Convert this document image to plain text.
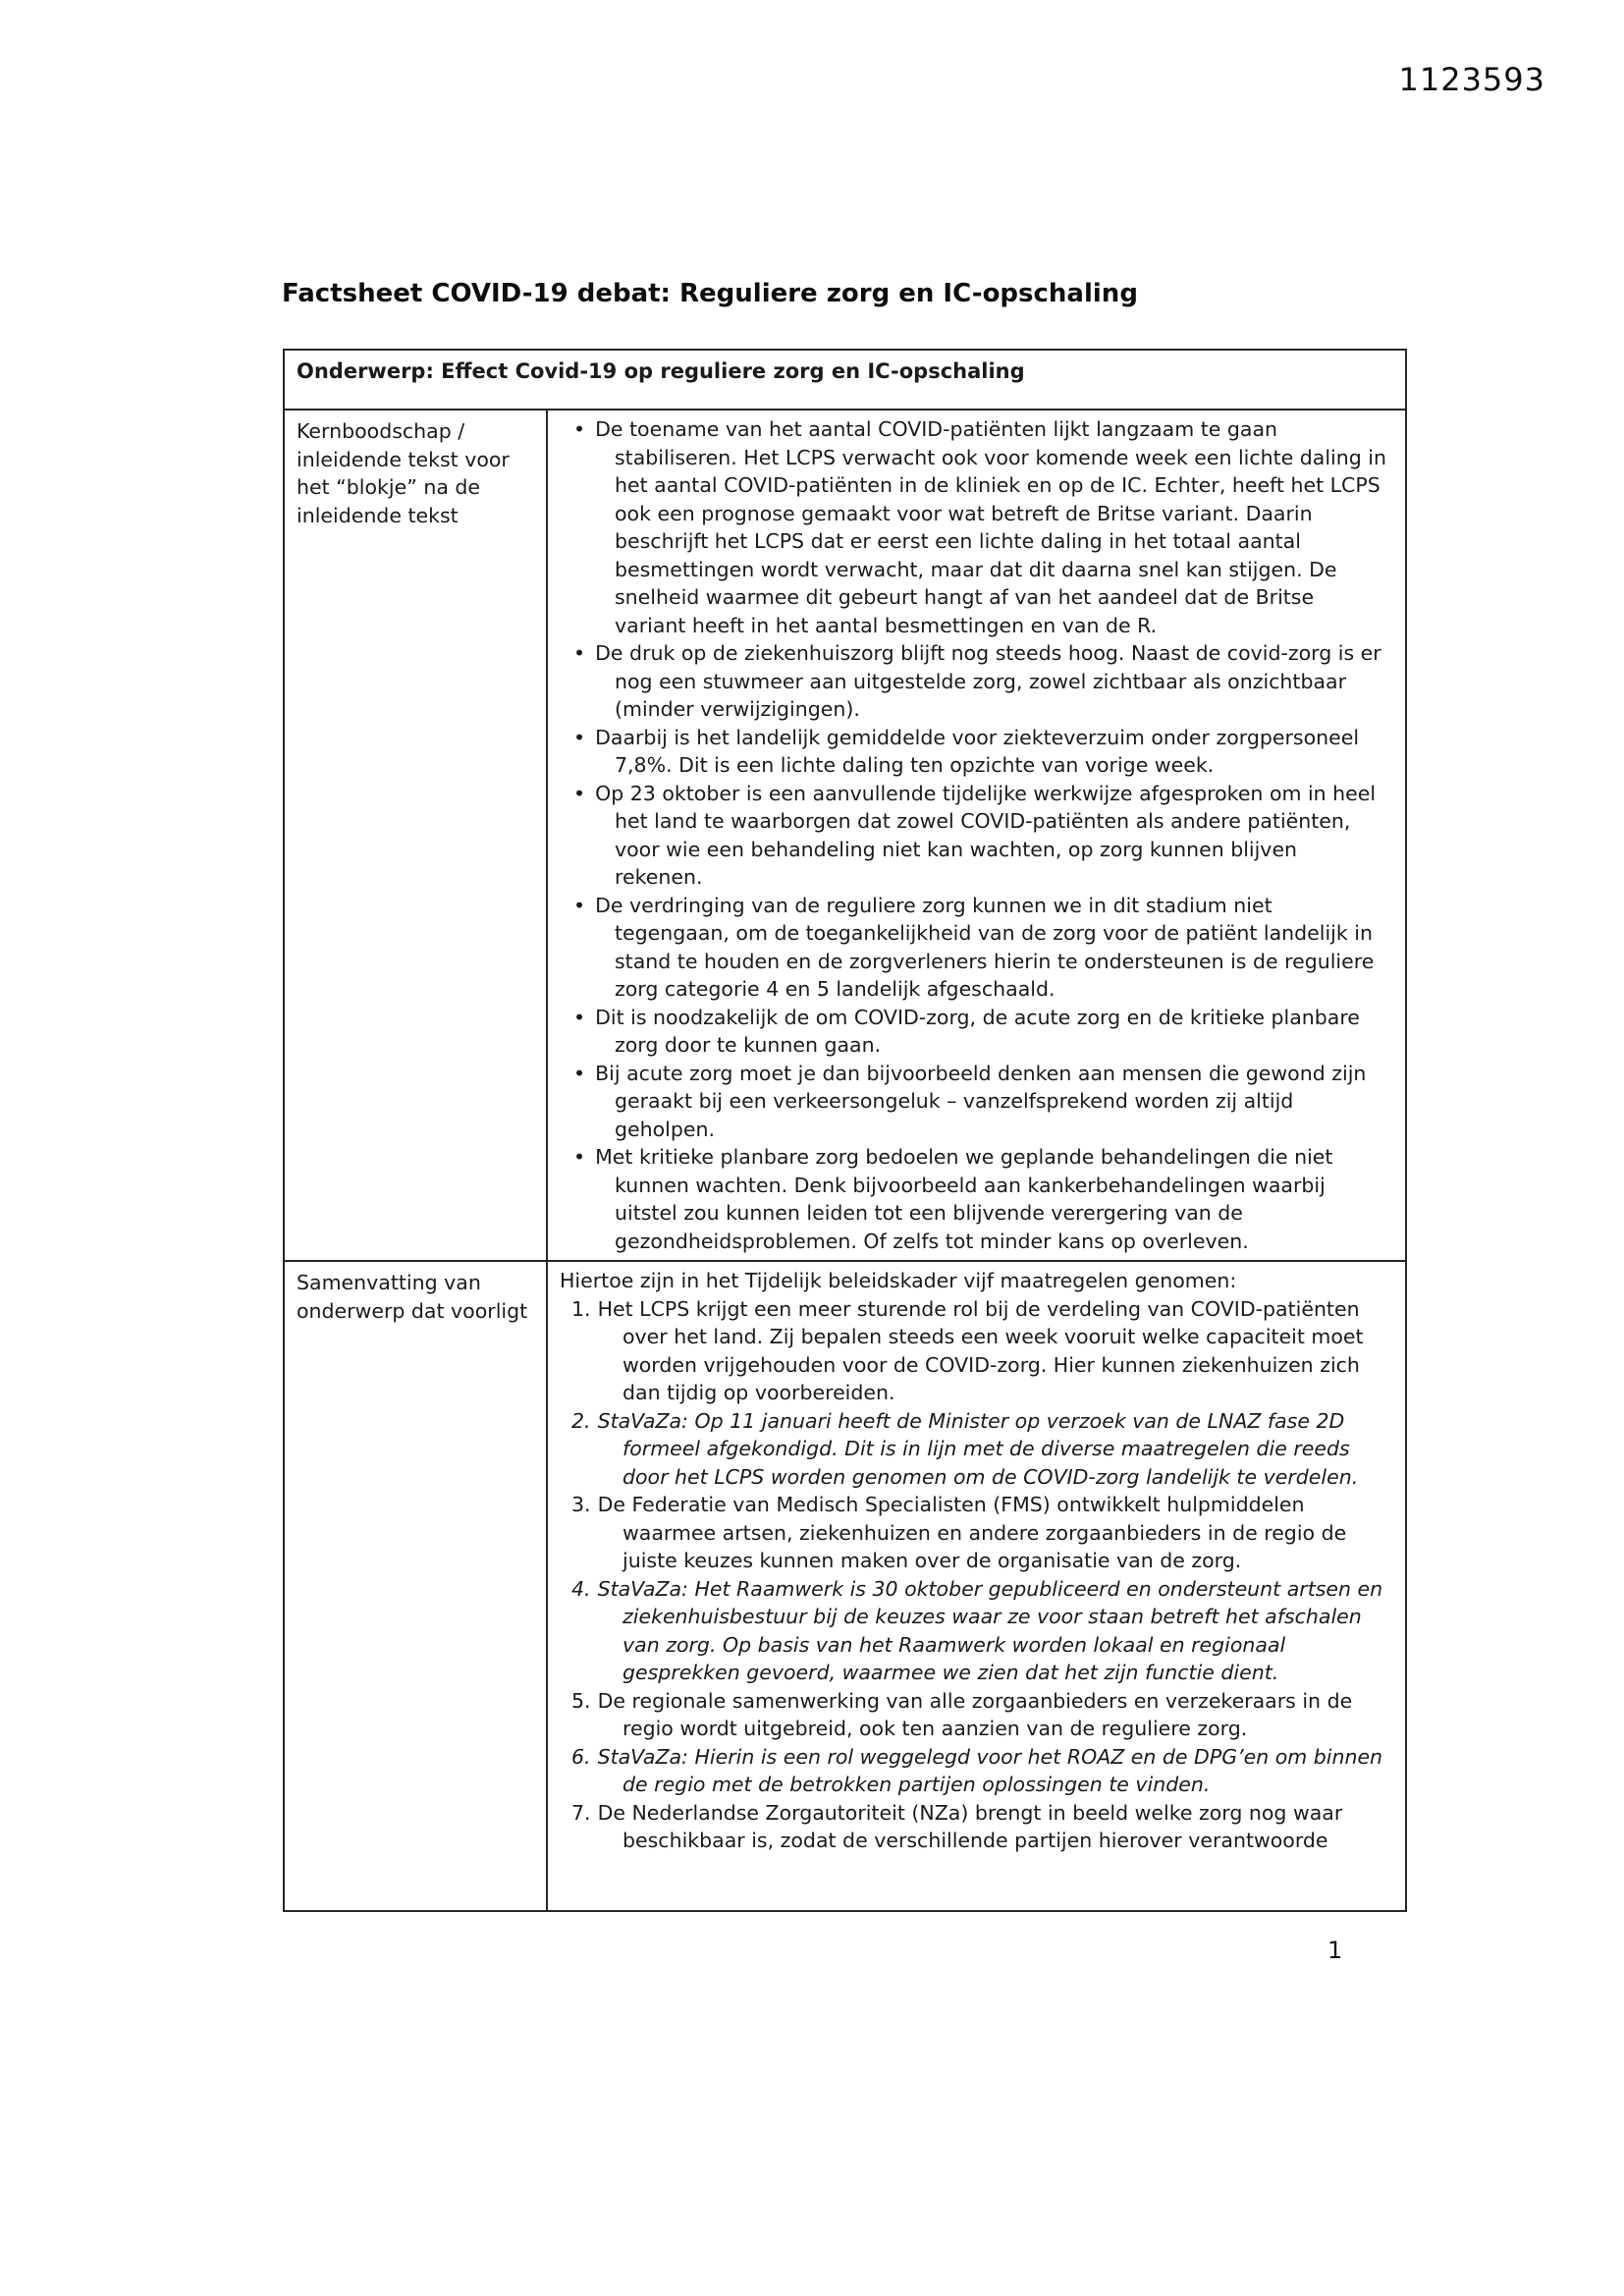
1123593
Factsheet COVID-19 debat: Reguliere zorg en IC-opschaling
Onderwerp: Effect Covid-19 op reguliere zorg en IC-opschaling
Kernboodschap / inleidende tekst voor het “blokje” na de inleidende tekst
• De toename van het aantal COVID-patiënten lijkt langzaam te gaan stabiliseren. Het LCPS verwacht ook voor komende week een lichte daling in het aantal COVID-patiënten in de kliniek en op de IC. Echter, heeft het LCPS ook een prognose gemaakt voor wat betreft de Britse variant. Daarin beschrijft het LCPS dat er eerst een lichte daling in het totaal aantal besmettingen wordt verwacht, maar dat dit daarna snel kan stijgen. De snelheid waarmee dit gebeurt hangt af van het aandeel dat de Britse variant heeft in het aantal besmettingen en van de R.
• De druk op de ziekenhuiszorg blijft nog steeds hoog. Naast de covid-zorg is er nog een stuwmeer aan uitgestelde zorg, zowel zichtbaar als onzichtbaar (minder verwijzigingen).
• Daarbij is het landelijk gemiddelde voor ziekteverzuim onder zorgpersoneel 7,8%. Dit is een lichte daling ten opzichte van vorige week.
• Op 23 oktober is een aanvullende tijdelijke werkwijze afgesproken om in heel het land te waarborgen dat zowel COVID-patiënten als andere patiënten, voor wie een behandeling niet kan wachten, op zorg kunnen blijven rekenen.
• De verdringing van de reguliere zorg kunnen we in dit stadium niet tegengaan, om de toegankelijkheid van de zorg voor de patiënt landelijk in stand te houden en de zorgverleners hierin te ondersteunen is de reguliere zorg categorie 4 en 5 landelijk afgeschaald.
• Dit is noodzakelijk de om COVID-zorg, de acute zorg en de kritieke planbare zorg door te kunnen gaan.
• Bij acute zorg moet je dan bijvoorbeeld denken aan mensen die gewond zijn geraakt bij een verkeersongeluk – vanzelfsprekend worden zij altijd geholpen.
• Met kritieke planbare zorg bedoelen we geplande behandelingen die niet kunnen wachten. Denk bijvoorbeeld aan kankerbehandelingen waarbij uitstel zou kunnen leiden tot een blijvende verergering van de gezondheidsproblemen. Of zelfs tot minder kans op overleven.
Samenvatting van onderwerp dat voorligt
Hiertoe zijn in het Tijdelijk beleidskader vijf maatregelen genomen:
1. Het LCPS krijgt een meer sturende rol bij de verdeling van COVID-patiënten over het land. Zij bepalen steeds een week vooruit welke capaciteit moet worden vrijgehouden voor de COVID-zorg. Hier kunnen ziekenhuizen zich dan tijdig op voorbereiden.
2. StaVaZa: Op 11 januari heeft de Minister op verzoek van de LNAZ fase 2D formeel afgekondigd. Dit is in lijn met de diverse maatregelen die reeds door het LCPS worden genomen om de COVID-zorg landelijk te verdelen.
3. De Federatie van Medisch Specialisten (FMS) ontwikkelt hulpmiddelen waarmee artsen, ziekenhuizen en andere zorgaanbieders in de regio de juiste keuzes kunnen maken over de organisatie van de zorg.
4. StaVaZa: Het Raamwerk is 30 oktober gepubliceerd en ondersteunt artsen en ziekenhuisbestuur bij de keuzes waar ze voor staan betreft het afschalen van zorg. Op basis van het Raamwerk worden lokaal en regionaal gesprekken gevoerd, waarmee we zien dat het zijn functie dient.
5. De regionale samenwerking van alle zorgaanbieders en verzekeraars in de regio wordt uitgebreid, ook ten aanzien van de reguliere zorg.
6. StaVaZa: Hierin is een rol weggelegd voor het ROAZ en de DPG’en om binnen de regio met de betrokken partijen oplossingen te vinden.
7. De Nederlandse Zorgautoriteit (NZa) brengt in beeld welke zorg nog waar beschikbaar is, zodat de verschillende partijen hierover verantwoorde
1
